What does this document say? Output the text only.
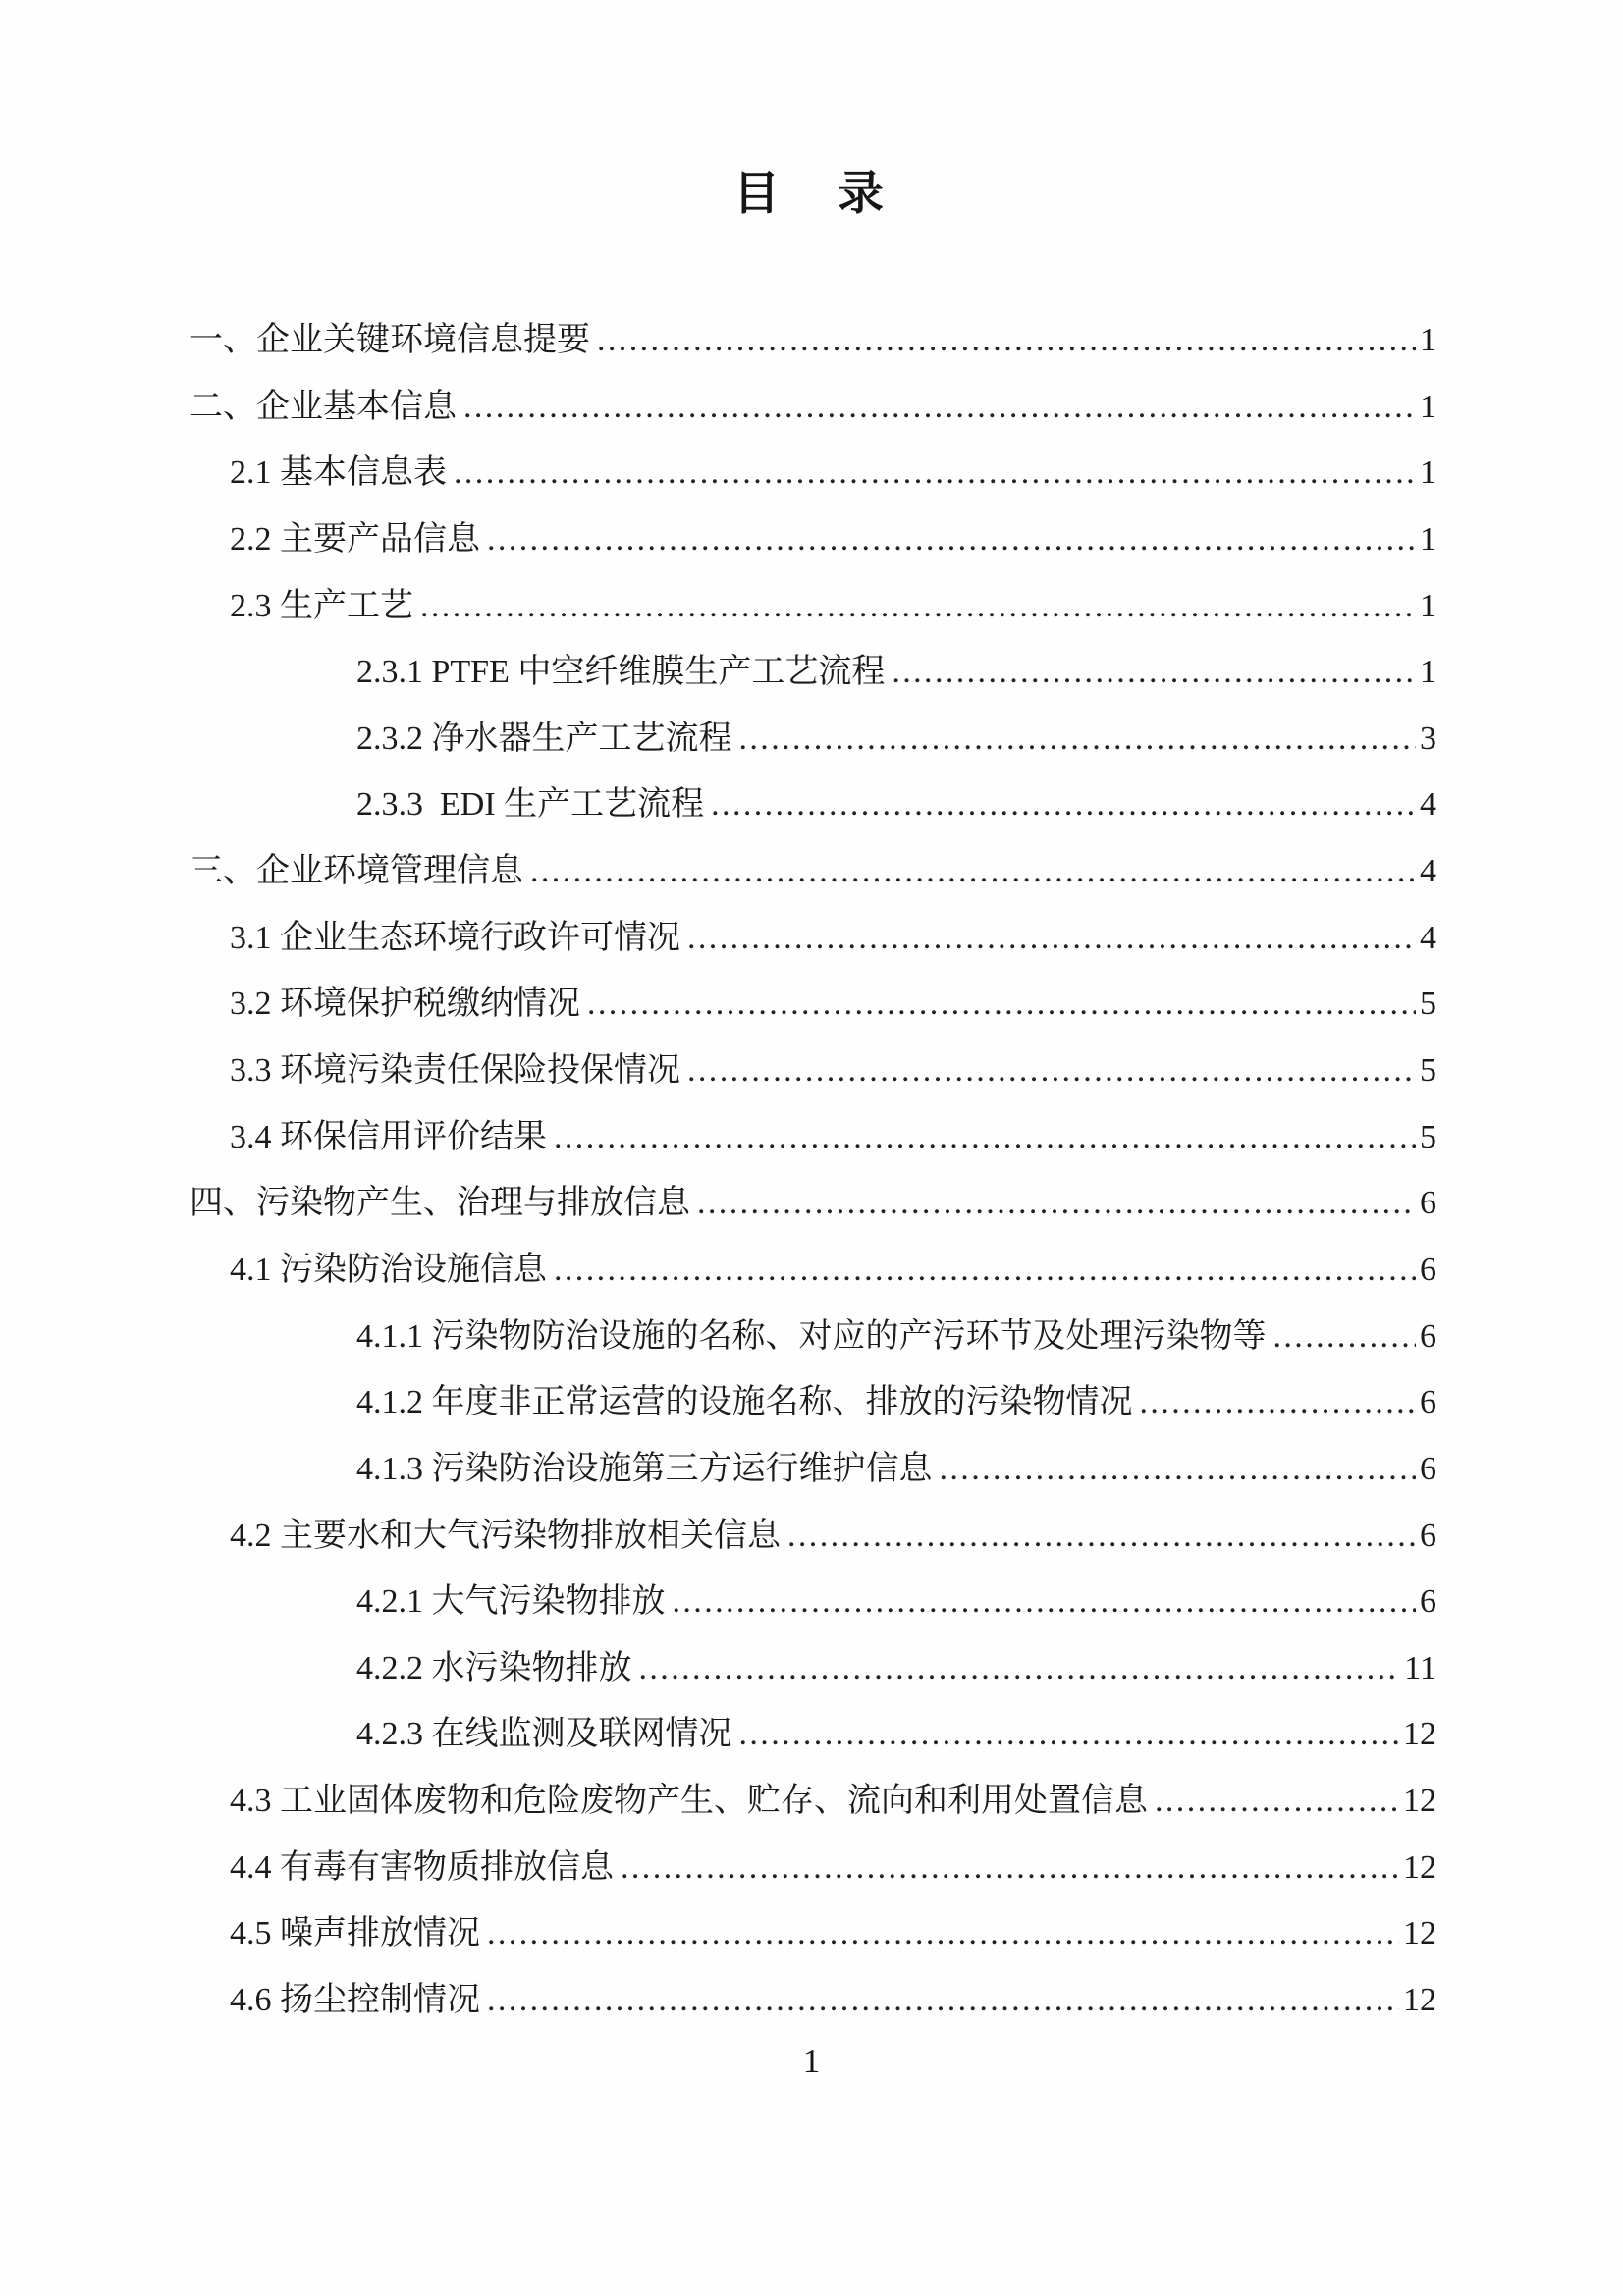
目　录
一、企业关键环境信息提要 .....	1
二、企业基本信息 .....	1
2.1 基本信息表 .....	1
2.2 主要产品信息 .....	1
2.3 生产工艺 .....	1
2.3.1 PTFE 中空纤维膜生产工艺流程 .....	1
2.3.2 净水器生产工艺流程 .....	3
2.3.3  EDI 生产工艺流程 .....	4
三、企业环境管理信息 .....	4
3.1 企业生态环境行政许可情况 .....	4
3.2 环境保护税缴纳情况 .....	5
3.3 环境污染责任保险投保情况 .....	5
3.4 环保信用评价结果 .....	5
四、污染物产生、治理与排放信息 .....	6
4.1 污染防治设施信息 .....	6
4.1.1 污染物防治设施的名称、对应的产污环节及处理污染物等 .....	6
4.1.2 年度非正常运营的设施名称、排放的污染物情况 .....	6
4.1.3 污染防治设施第三方运行维护信息 .....	6
4.2 主要水和大气污染物排放相关信息 .....	6
4.2.1 大气污染物排放 .....	6
4.2.2 水污染物排放 .....	11
4.2.3 在线监测及联网情况 .....	12
4.3 工业固体废物和危险废物产生、贮存、流向和利用处置信息 .....	12
4.4 有毒有害物质排放信息 .....	12
4.5 噪声排放情况 .....	12
4.6 扬尘控制情况 .....	12
1
